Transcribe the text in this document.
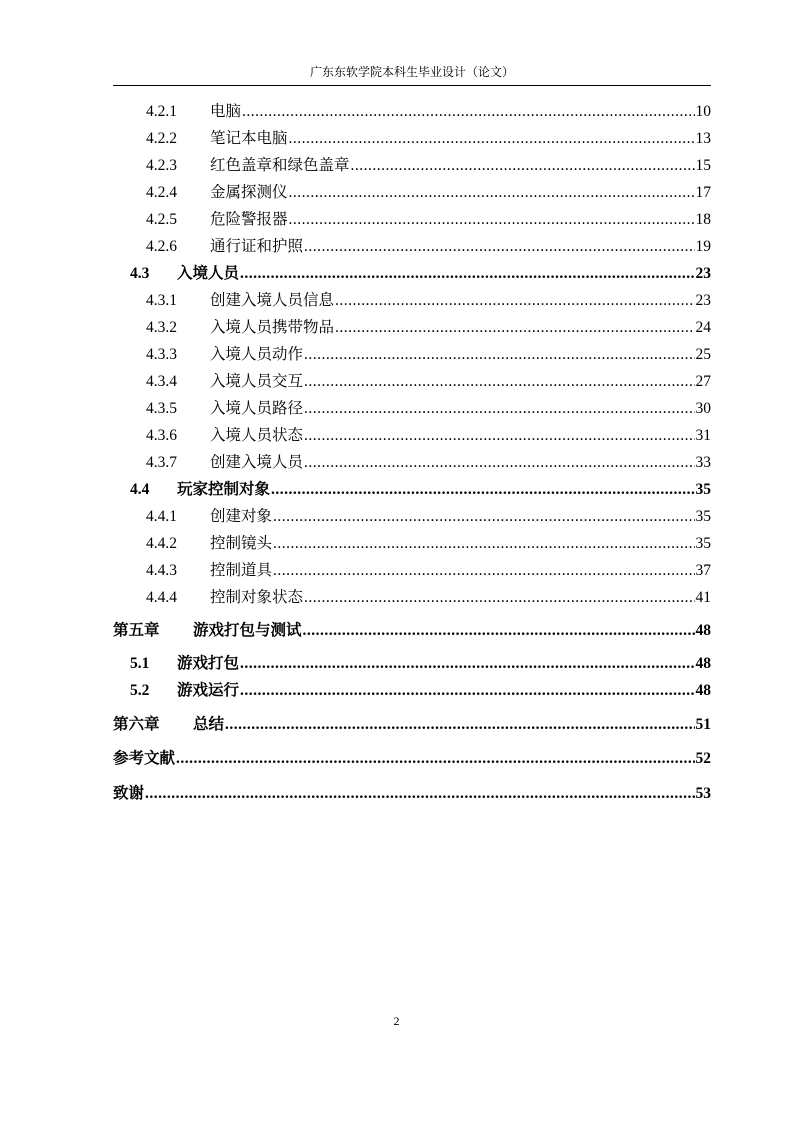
广东东软学院本科生毕业设计（论文）
4.2.1	电脑 .....	10
4.2.2	笔记本电脑 .....	13
4.2.3	红色盖章和绿色盖章 .....	15
4.2.4	金属探测仪 .....	17
4.2.5	危险警报器 .....	18
4.2.6	通行证和护照 .....	19
4.3	入境人员 .....	23
4.3.1	创建入境人员信息 .....	23
4.3.2	入境人员携带物品 .....	24
4.3.3	入境人员动作 .....	25
4.3.4	入境人员交互 .....	27
4.3.5	入境人员路径 .....	30
4.3.6	入境人员状态 .....	31
4.3.7	创建入境人员 .....	33
4.4	玩家控制对象 .....	35
4.4.1	创建对象 .....	35
4.4.2	控制镜头 .....	35
4.4.3	控制道具 .....	37
4.4.4	控制对象状态 .....	41
第五章	游戏打包与测试 .....	48
5.1	游戏打包 .....	48
5.2	游戏运行 .....	48
第六章	总结 .....	51
参考文献 .....	52
致谢 .....	53
2
